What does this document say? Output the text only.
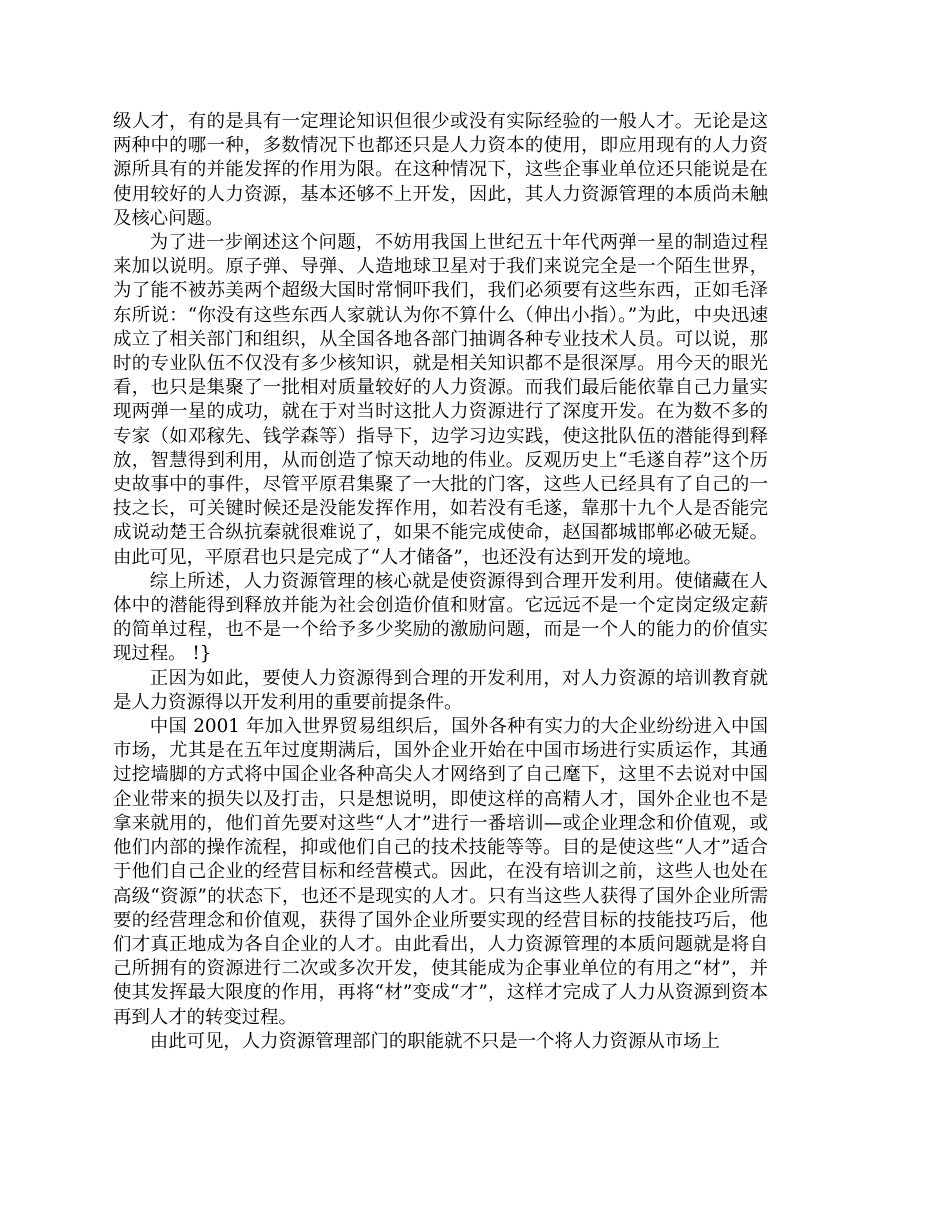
级人才，有的是具有一定理论知识但很少或没有实际经验的一般人才。无论是这两种中的哪一种，多数情况下也都还只是人力资本的使用，即应用现有的人力资源所具有的并能发挥的作用为限。在这种情况下，这些企事业单位还只能说是在使用较好的人力资源，基本还够不上开发，因此，其人力资源管理的本质尚未触及核心问题。

为了进一步阐述这个问题，不妨用我国上世纪五十年代两弹一星的制造过程来加以说明。原子弹、导弹、人造地球卫星对于我们来说完全是一个陌生世界，为了能不被苏美两个超级大国时常恫吓我们，我们必须要有这些东西，正如毛泽东所说：“你没有这些东西人家就认为你不算什么（伸出小指）。”为此，中央迅速成立了相关部门和组织，从全国各地各部门抽调各种专业技术人员。可以说，那时的专业队伍不仅没有多少核知识，就是相关知识都不是很深厚。用今天的眼光看，也只是集聚了一批相对质量较好的人力资源。而我们最后能依靠自己力量实现两弹一星的成功，就在于对当时这批人力资源进行了深度开发。在为数不多的专家（如邓稼先、钱学森等）指导下，边学习边实践，使这批队伍的潜能得到释放，智慧得到利用，从而创造了惊天动地的伟业。反观历史上“毛遂自荐”这个历史故事中的事件，尽管平原君集聚了一大批的门客，这些人已经具有了自己的一技之长，可关键时候还是没能发挥作用，如若没有毛遂，靠那十九个人是否能完成说动楚王合纵抗秦就很难说了，如果不能完成使命，赵国都城邯郸必破无疑。由此可见，平原君也只是完成了“人才储备”，也还没有达到开发的境地。

综上所述，人力资源管理的核心就是使资源得到合理开发利用。使储藏在人体中的潜能得到释放并能为社会创造价值和财富。它远远不是一个定岗定级定薪的简单过程，也不是一个给予多少奖励的激励问题，而是一个人的能力的价值实现过程。 !}

正因为如此，要使人力资源得到合理的开发利用，对人力资源的培训教育就是人力资源得以开发利用的重要前提条件。

中国 2001 年加入世界贸易组织后，国外各种有实力的大企业纷纷进入中国市场，尤其是在五年过度期满后，国外企业开始在中国市场进行实质运作，其通过挖墙脚的方式将中国企业各种高尖人才网络到了自己麾下，这里不去说对中国企业带来的损失以及打击，只是想说明，即使这样的高精人才，国外企业也不是拿来就用的，他们首先要对这些“人才”进行一番培训—或企业理念和价值观，或他们内部的操作流程，抑或他们自己的技术技能等等。目的是使这些“人才”适合于他们自己企业的经营目标和经营模式。因此，在没有培训之前，这些人也处在高级“资源”的状态下，也还不是现实的人才。只有当这些人获得了国外企业所需要的经营理念和价值观，获得了国外企业所要实现的经营目标的技能技巧后，他们才真正地成为各自企业的人才。由此看出，人力资源管理的本质问题就是将自己所拥有的资源进行二次或多次开发，使其能成为企事业单位的有用之“材”，并使其发挥最大限度的作用，再将“材”变成“才”，这样才完成了人力从资源到资本再到人才的转变过程。

由此可见，人力资源管理部门的职能就不只是一个将人力资源从市场上
